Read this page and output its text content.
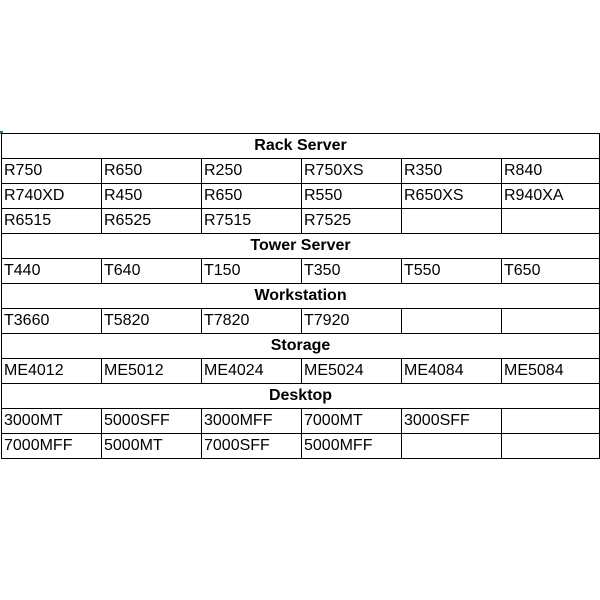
Rack Server					
R750	R650	R250	R750XS	R350	R840
R740XD	R450	R650	R550	R650XS	R940XA
R6515	R6525	R7515	R7525		
Tower Server					
T440	T640	T150	T350	T550	T650
Workstation					
T3660	T5820	T7820	T7920		
Storage					
ME4012	ME5012	ME4024	ME5024	ME4084	ME5084
Desktop					
3000MT	5000SFF	3000MFF	7000MT	3000SFF	
7000MFF	5000MT	7000SFF	5000MFF		
